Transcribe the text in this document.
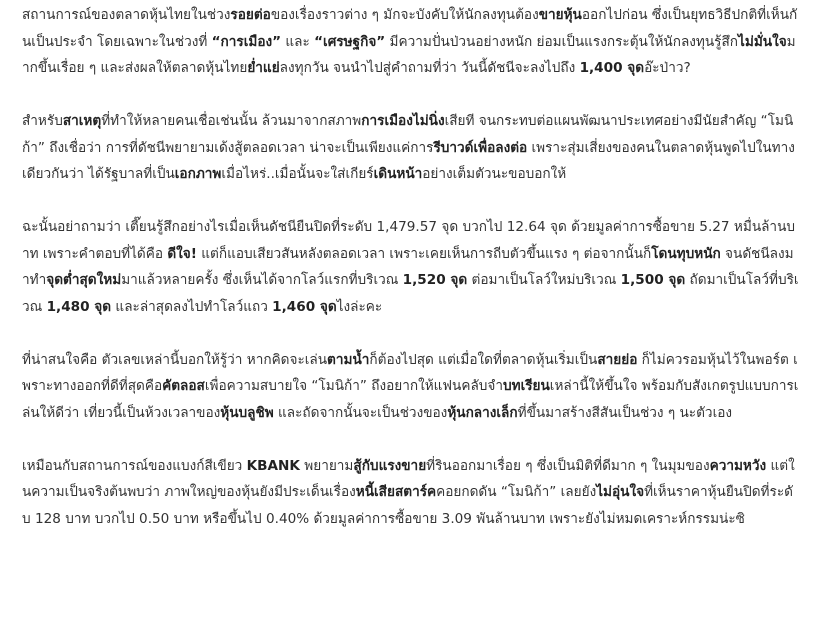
สถานการณ์ของตลาดหุ้นไทยในช่วงรอยต่อของเรื่องราวต่าง ๆ มักจะบังคับให้นักลงทุนต้องขายหุ้นออกไปก่อน ซึ่งเป็นยุทธวิธีปกติที่เห็นกันเป็นประจำ โดยเฉพาะในช่วงที่ “การเมือง” และ “เศรษฐกิจ” มีความปั่นป่วนอย่างหนัก ย่อมเป็นแรงกระตุ้นให้นักลงทุนรู้สึกไม่มั่นใจมากขึ้นเรื่อย ๆ และส่งผลให้ตลาดหุ้นไทยย่ำแย่ลงทุกวัน จนนำไปสู่คำถามที่ว่า วันนี้ดัชนีจะลงไปถึง 1,400 จุดอ๊ะป่าว?

สำหรับสาเหตุที่ทำให้หลายคนเชื่อเช่นนั้น ล้วนมาจากสภาพการเมืองไม่นิ่งเสียที จนกระทบต่อแผนพัฒนาประเทศอย่างมีนัยสำคัญ “โมนิก้า” ถึงเชื่อว่า การที่ดัชนีพยายามเด้งสู้ตลอดเวลา น่าจะเป็นเพียงแค่การรีบาวด์เพื่อลงต่อ เพราะสุ่มเสี่ยงของคนในตลาดหุ้นพูดไปในทางเดียวกันว่า ได้รัฐบาลที่เป็นเอกภาพเมื่อไหร่..เมื่อนั้นจะใส่เกียร์เดินหน้าอย่างเต็มตัวนะขอบอกให้

ฉะนั้นอย่าถามว่า เตี๊ยนรู้สึกอย่างไรเมื่อเห็นดัชนียืนปิดที่ระดับ 1,479.57 จุด บวกไป 12.64 จุด ด้วยมูลค่าการซื้อขาย 5.27 หมื่นล้านบาท เพราะคำตอบที่ได้คือ ดีใจ! แต่ก็แอบเสียวสันหลังตลอดเวลา เพราะเคยเห็นการถีบตัวขึ้นแรง ๆ ต่อจากนั้นก็โดนทุบหนัก จนดัชนีลงมาทำจุดต่ำสุดใหม่มาแล้วหลายครั้ง ซึ่งเห็นได้จากโลว์แรกที่บริเวณ 1,520 จุด ต่อมาเป็นโลว์ใหม่บริเวณ 1,500 จุด ถัดมาเป็นโลว์ที่บริเวณ 1,480 จุด และล่าสุดลงไปทำโลว์แถว 1,460 จุดไงล่ะคะ

ที่น่าสนใจคือ ตัวเลขเหล่านี้บอกให้รู้ว่า หากคิดจะเล่นตามน้ำก็ต้องไปสุด แต่เมื่อใดที่ตลาดหุ้นเริ่มเป็นสายย่อ ก็ไม่ควรอมหุ้นไว้ในพอร์ต เพราะทางออกที่ดีที่สุดคือคัตลอสเพื่อความสบายใจ “โมนิก้า” ถึงอยากให้แฟนคลับจำบทเรียนเหล่านี้ให้ขึ้นใจ พร้อมกับสังเกตรูปแบบการเล่นให้ดีว่า เที่ยวนี้เป็นห้วงเวลาของหุ้นบลูชิพ และถัดจากนั้นจะเป็นช่วงของหุ้นกลางเล็กที่ขึ้นมาสร้างสีสันเป็นช่วง ๆ นะตัวเอง

เหมือนกับสถานการณ์ของแบงก์สีเขียว KBANK พยายามสู้กับแรงขายที่รินออกมาเรื่อย ๆ ซึ่งเป็นมิติที่ดีมาก ๆ ในมุมของความหวัง แต่ในความเป็นจริงต้นพบว่า ภาพใหญ่ของหุ้นยังมีประเด็นเรื่องหนี้เสียสตาร์คคอยกดดัน “โมนิก้า” เลยยังไม่อุ่นใจที่เห็นราคาหุ้นยืนปิดที่ระดับ 128 บาท บวกไป 0.50 บาท หรือขึ้นไป 0.40% ด้วยมูลค่าการซื้อขาย 3.09 พันล้านบาท เพราะยังไม่หมดเคราะห์กรรมน่ะซิ
